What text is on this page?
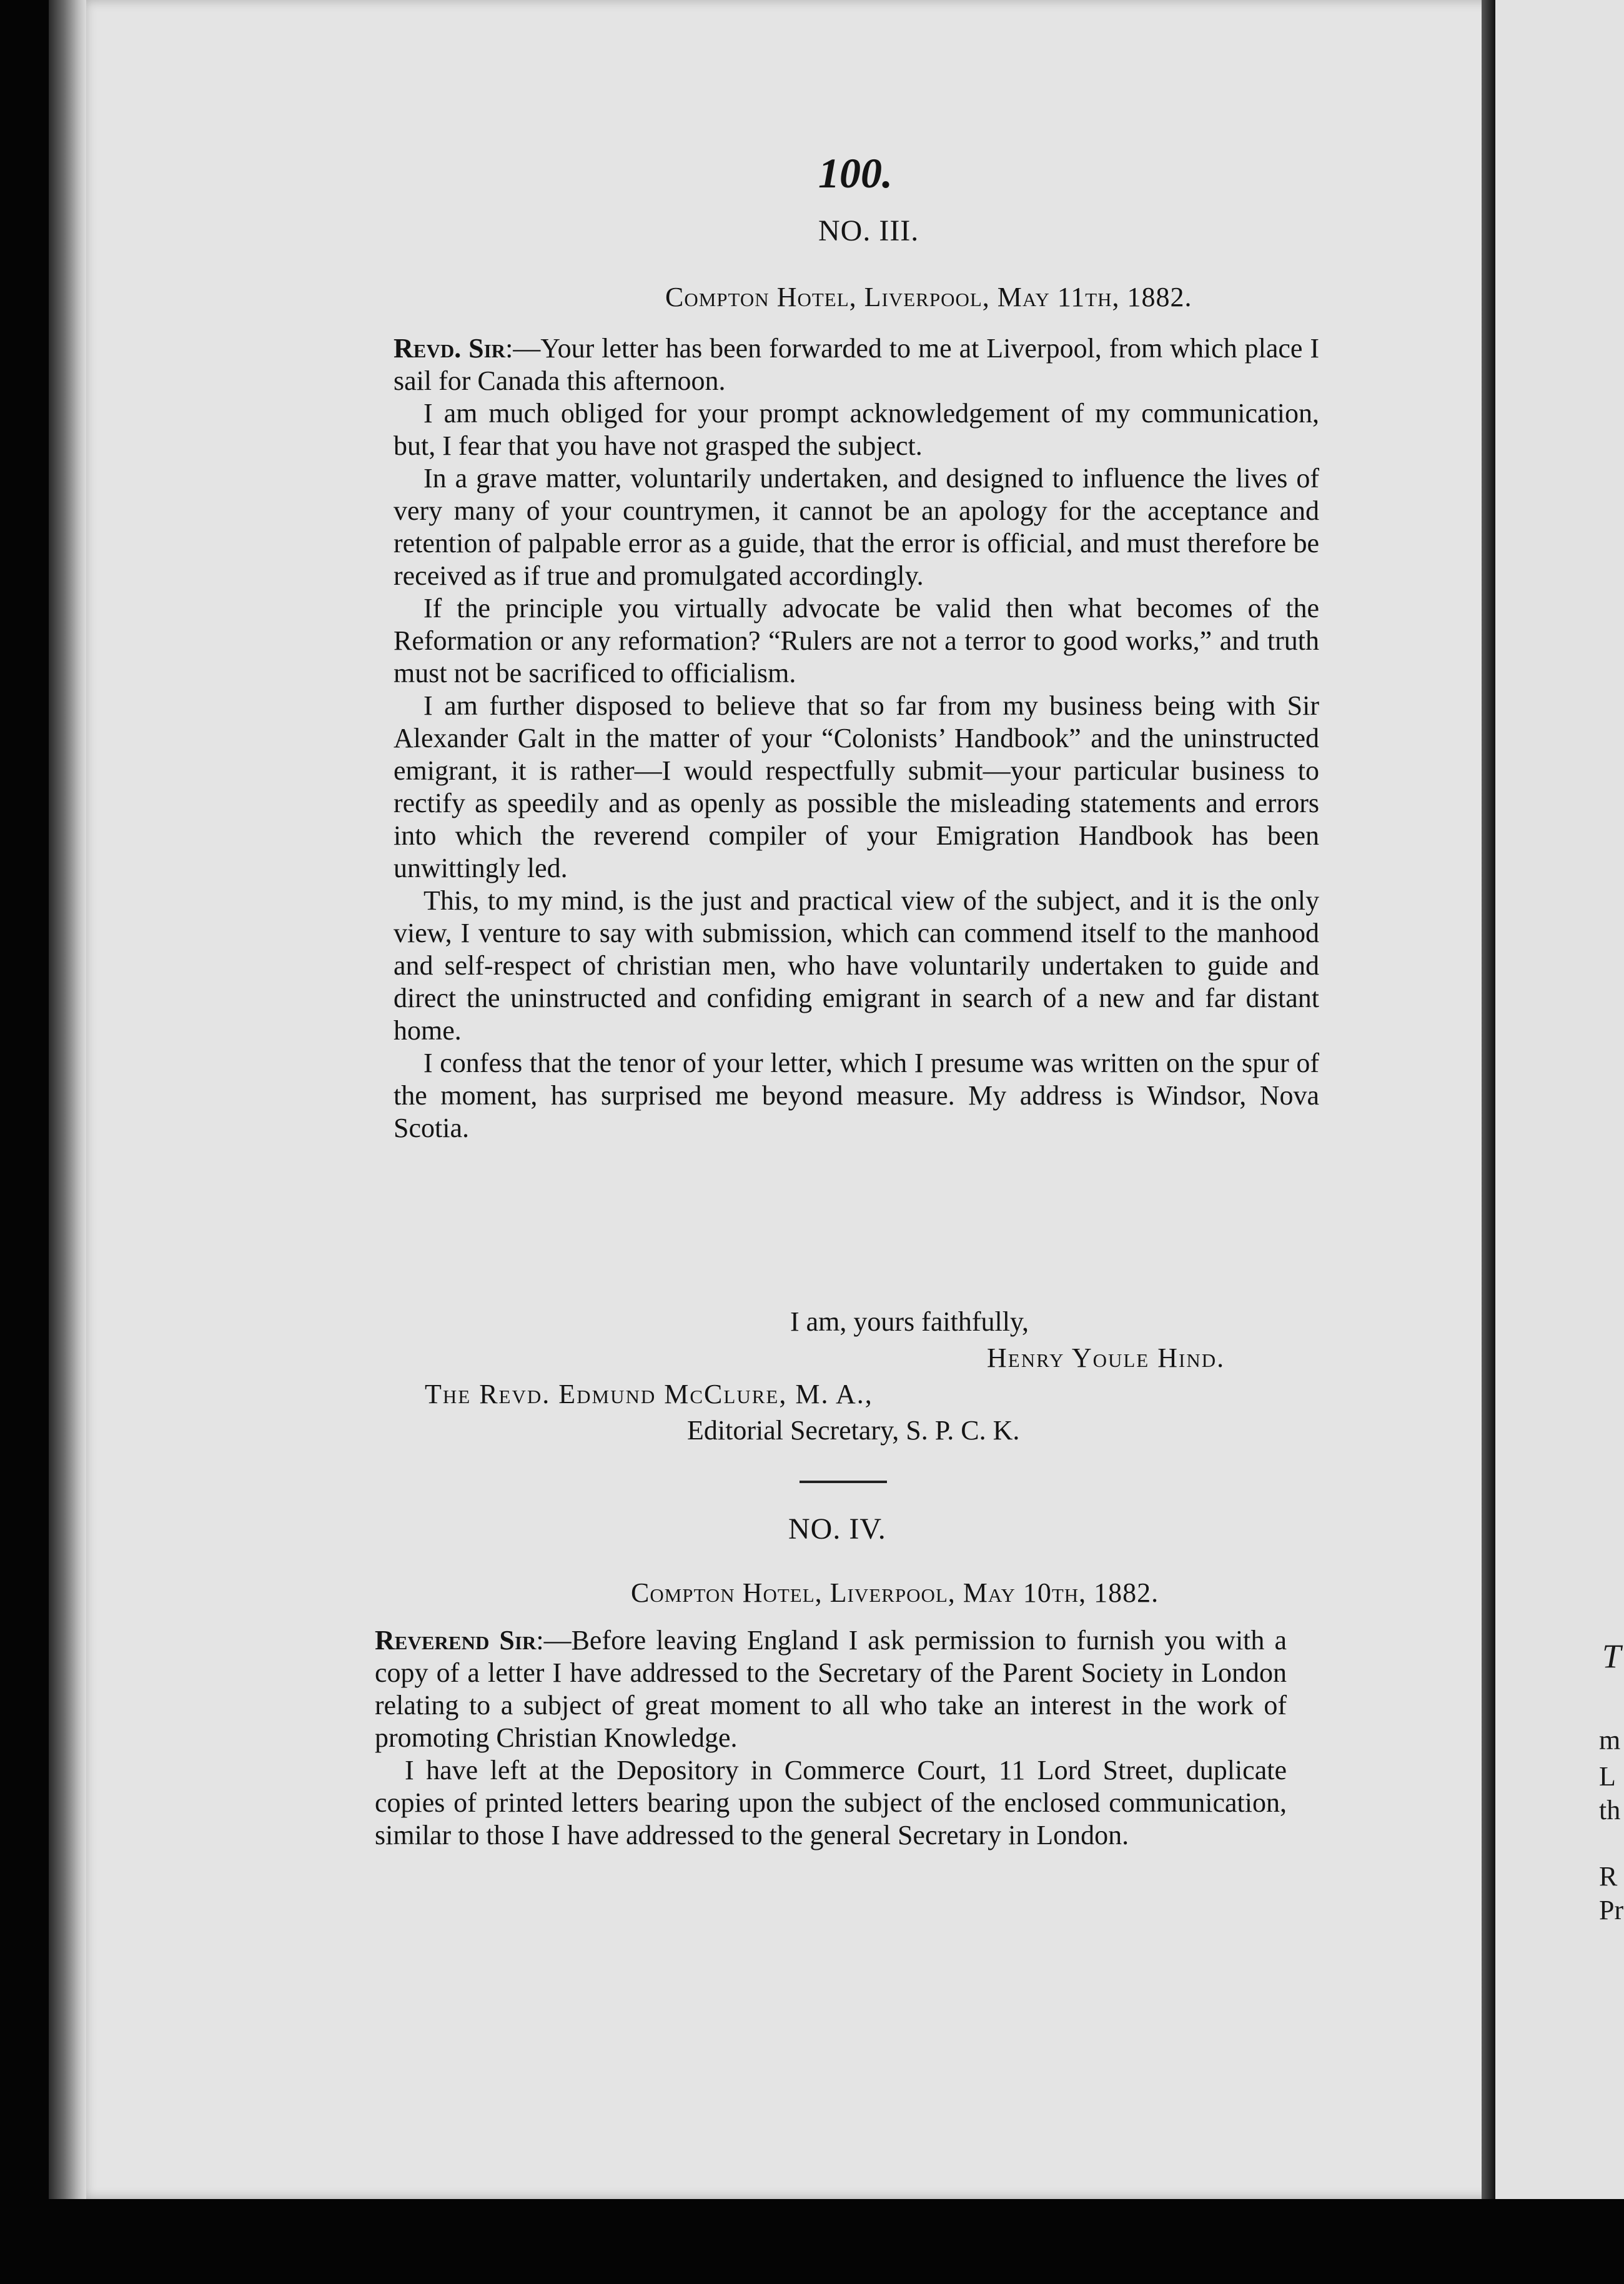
100.

NO. III.

Compton Hotel, Liverpool, May 11th, 1882.

Revd. Sir:—Your letter has been forwarded to me at Liverpool, from which place I sail for Canada this afternoon.

I am much obliged for your prompt acknowledgement of my communication, but, I fear that you have not grasped the subject.

In a grave matter, voluntarily undertaken, and designed to influence the lives of very many of your countrymen, it cannot be an apology for the acceptance and retention of palpable error as a guide, that the error is official, and must therefore be received as if true and promulgated accordingly.

If the principle you virtually advocate be valid then what becomes of the Reformation or any reformation? “Rulers are not a terror to good works,” and truth must not be sacrificed to officialism.

I am further disposed to believe that so far from my business being with Sir Alexander Galt in the matter of your “Colonists’ Handbook” and the uninstructed emigrant, it is rather—I would respectfully submit—your particular business to rectify as speedily and as openly as possible the misleading statements and errors into which the reverend compiler of your Emigration Handbook has been unwittingly led.

This, to my mind, is the just and practical view of the subject, and it is the only view, I venture to say with submission, which can commend itself to the manhood and self-respect of christian men, who have voluntarily undertaken to guide and direct the uninstructed and confiding emigrant in search of a new and far distant home.

I confess that the tenor of your letter, which I presume was written on the spur of the moment, has surprised me beyond measure. My address is Windsor, Nova Scotia.

I am, yours faithfully,

Henry Youle Hind.

The Revd. Edmund McClure, M. A.,

Editorial Secretary, S. P. C. K.

NO. IV.

Compton Hotel, Liverpool, May 10th, 1882.

Reverend Sir:—Before leaving England I ask permission to furnish you with a copy of a letter I have addressed to the Secretary of the Parent Society in London relating to a subject of great moment to all who take an interest in the work of promoting Christian Knowledge.

I have left at the Depository in Commerce Court, 11 Lord Street, duplicate copies of printed letters bearing upon the subject of the enclosed communication, similar to those I have addressed to the general Secretary in London.

T

m

L

th

R

Pr
